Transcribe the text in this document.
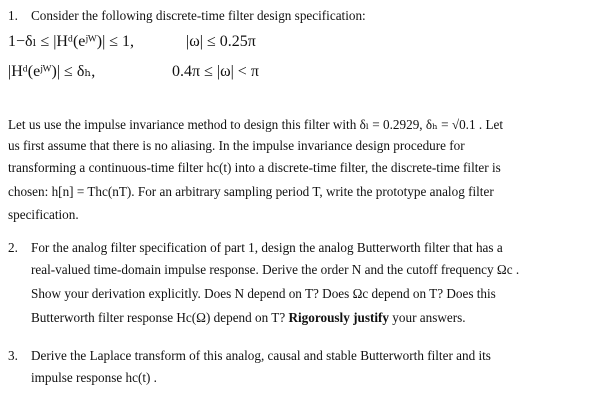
1. Consider the following discrete-time filter design specification:
1−δₗ ≤ |Hᵈ(eʲᵂ)| ≤ 1,	|ω| ≤ 0.25π
|Hᵈ(eʲᵂ)| ≤ δₕ,	0.4π ≤ |ω| < π
Let us use the impulse invariance method to design this filter with δₗ = 0.2929, δₕ = √0.1 . Let
us first assume that there is no aliasing. In the impulse invariance design procedure for
transforming a continuous-time filter hс(t) into a discrete-time filter, the discrete-time filter is
chosen: h[n] = Thс(nT). For an arbitrary sampling period T, write the prototype analog filter
specification.
2. For the analog filter specification of part 1, design the analog Butterworth filter that has a
real-valued time-domain impulse response. Derive the order N and the cutoff frequency Ωс .
Show your derivation explicitly. Does N depend on T? Does Ωс depend on T? Does this
Butterworth filter response Hс(Ω) depend on T? Rigorously justify your answers.
3. Derive the Laplace transform of this analog, causal and stable Butterworth filter and its
impulse response hс(t) .
